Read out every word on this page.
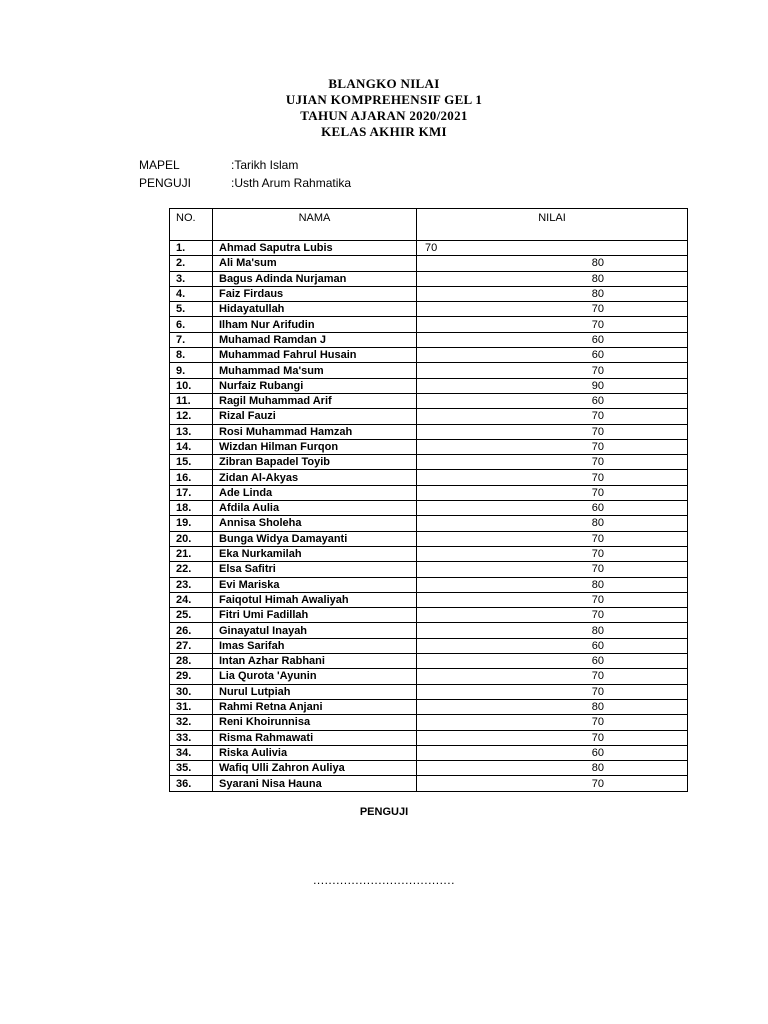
BLANGKO NILAI
UJIAN KOMPREHENSIF GEL 1
TAHUN AJARAN 2020/2021
KELAS AKHIR KMI
MAPEL	:Tarikh Islam
PENGUJI	:Usth Arum Rahmatika
NO.	NAMA	NILAI
1.	Ahmad Saputra Lubis	70
2.	Ali Ma'sum	80
3.	Bagus Adinda Nurjaman	80
4.	Faiz Firdaus	80
5.	Hidayatullah	70
6.	Ilham Nur Arifudin	70
7.	Muhamad Ramdan J	60
8.	Muhammad Fahrul Husain	60
9.	Muhammad Ma'sum	70
10.	Nurfaiz Rubangi	90
11.	Ragil Muhammad Arif	60
12.	Rizal Fauzi	70
13.	Rosi Muhammad Hamzah	70
14.	Wizdan Hilman Furqon	70
15.	Zibran Bapadel Toyib	70
16.	Zidan Al-Akyas	70
17.	Ade Linda	70
18.	Afdila Aulia	60
19.	Annisa Sholeha	80
20.	Bunga Widya Damayanti	70
21.	Eka Nurkamilah	70
22.	Elsa Safitri	70
23.	Evi Mariska	80
24.	Faiqotul Himah Awaliyah	70
25.	Fitri Umi Fadillah	70
26.	Ginayatul Inayah	80
27.	Imas Sarifah	60
28.	Intan Azhar Rabhani	60
29.	Lia Qurota 'Ayunin	70
30.	Nurul Lutpiah	70
31.	Rahmi Retna Anjani	80
32.	Reni Khoirunnisa	70
33.	Risma Rahmawati	70
34.	Riska Aulivia	60
35.	Wafiq Ulli Zahron Auliya	80
36.	Syarani Nisa Hauna	70
PENGUJI
.....................................
